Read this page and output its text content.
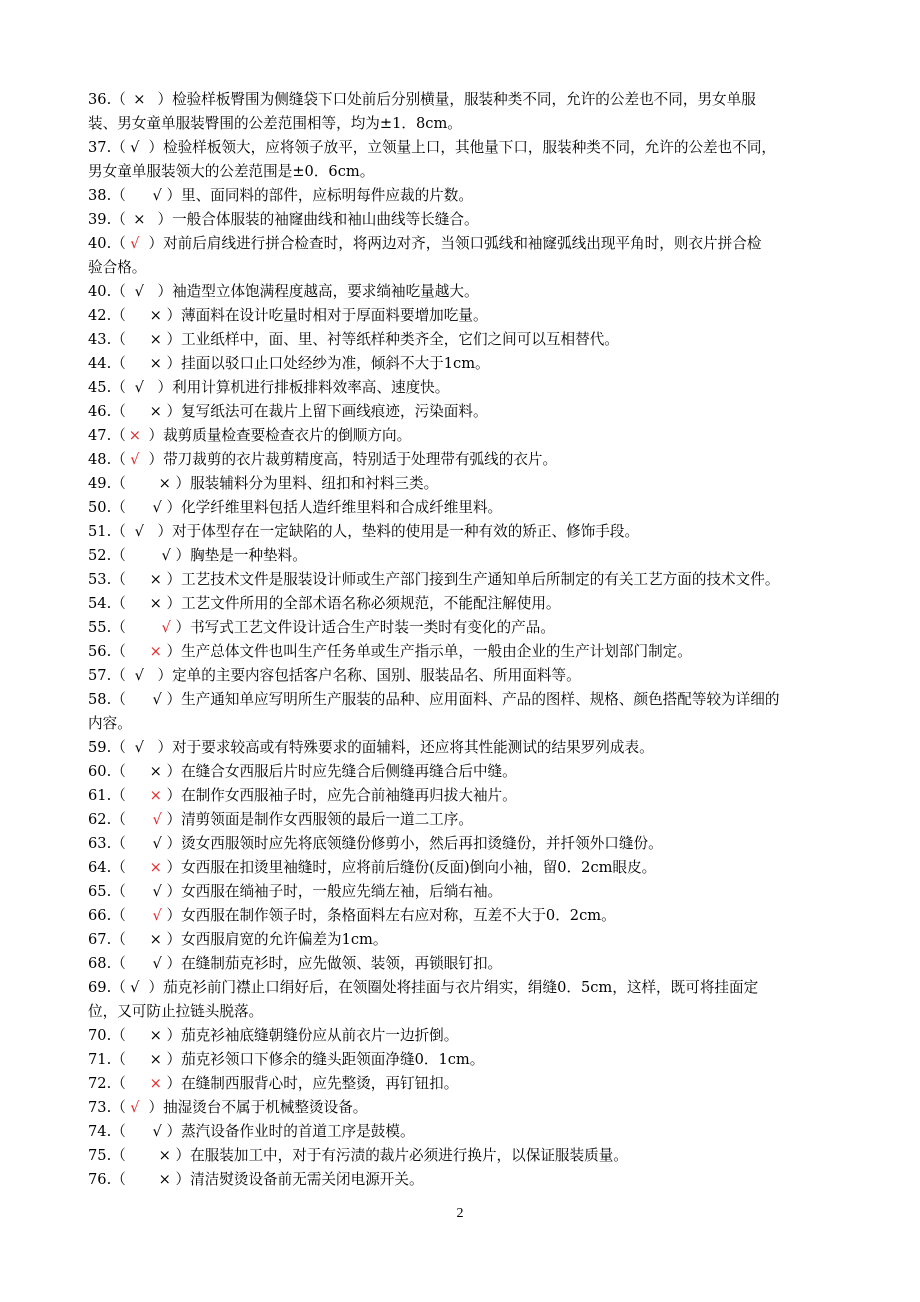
36.（ × ）检验样板臀围为侧缝袋下口处前后分别横量，服装种类不同，允许的公差也不同，男女单服
装、男女童单服装臀围的公差范围相等，均为±1．8cm。
37.（ √ ）检验样板领大，应将领子放平，立领量上口，其他量下口，服装种类不同，允许的公差也不同，
男女童单服装领大的公差范围是±0．6cm。
38.（ √ ）里、面同料的部件，应标明每件应裁的片数。
39.（ × ）一般合体服装的袖窿曲线和袖山曲线等长缝合。
40.（ √ ）对前后肩线进行拼合检查时，将两边对齐，当领口弧线和袖窿弧线出现平角时，则衣片拼合检
验合格。
40.（ √ ）袖造型立体饱满程度越高，要求绱袖吃量越大。
42.（ × ）薄面料在设计吃量时相对于厚面料要增加吃量。
43.（ × ）工业纸样中，面、里、衬等纸样种类齐全，它们之间可以互相替代。
44.（ × ）挂面以驳口止口处经纱为准，倾斜不大于1cm。
45.（ √ ）利用计算机进行排板排料效率高、速度快。
46.（ × ）复写纸法可在裁片上留下画线痕迹，污染面料。
47.（ × ）裁剪质量检查要检查衣片的倒顺方向。
48.（ √ ）带刀裁剪的衣片裁剪精度高，特别适于处理带有弧线的衣片。
49.（ × ）服装辅料分为里料、纽扣和衬料三类。
50.（ √ ）化学纤维里料包括人造纤维里料和合成纤维里料。
51.（ √ ）对于体型存在一定缺陷的人，垫料的使用是一种有效的矫正、修饰手段。
52.（ √ ）胸垫是一种垫料。
53.（ × ）工艺技术文件是服装设计师或生产部门接到生产通知单后所制定的有关工艺方面的技术文件。
54.（ × ）工艺文件所用的全部术语名称必须规范，不能配注解使用。
55.（ √ ）书写式工艺文件设计适合生产时装一类时有变化的产品。
56.（ × ）生产总体文件也叫生产任务单或生产指示单，一般由企业的生产计划部门制定。
57.（ √ ）定单的主要内容包括客户名称、国别、服装品名、所用面料等。
58.（ √ ）生产通知单应写明所生产服装的品种、应用面料、产品的图样、规格、颜色搭配等较为详细的
内容。
59.（ √ ）对于要求较高或有特殊要求的面辅料，还应将其性能测试的结果罗列成表。
60.（ × ）在缝合女西服后片时应先缝合后侧缝再缝合后中缝。
61.（ × ）在制作女西服袖子时，应先合前袖缝再归拔大袖片。
62.（ √ ）清剪领面是制作女西服领的最后一道二工序。
63.（ √ ）烫女西服领时应先将底领缝份修剪小，然后再扣烫缝份，并扦领外口缝份。
64.（ × ）女西服在扣烫里袖缝时，应将前后缝份(反面)倒向小袖，留0．2cm眼皮。
65.（ √ ）女西服在绱袖子时，一般应先绱左袖，后绱右袖。
66.（ √ ）女西服在制作领子时，条格面料左右应对称，互差不大于0．2cm。
67.（ × ）女西服肩宽的允许偏差为1cm。
68.（ √ ）在缝制茄克衫时，应先做领、装领，再锁眼钉扣。
69.（ √ ）茄克衫前门襟止口绢好后，在领圈处将挂面与衣片绢实，绢缝0．5cm，这样，既可将挂面定
位，又可防止拉链头脱落。
70.（ × ）茄克衫袖底缝朝缝份应从前衣片一边折倒。
71.（ × ）茄克衫领口下修余的缝头距领面净缝0．1cm。
72.（ × ）在缝制西服背心时，应先整烫，再钉钮扣。
73.（ √ ）抽湿烫台不属于机械整烫设备。
74.（ √ ）蒸汽设备作业时的首道工序是鼓模。
75.（ × ）在服装加工中，对于有污渍的裁片必须进行换片，以保证服装质量。
76.（ × ）清洁熨烫设备前无需关闭电源开关。
2
